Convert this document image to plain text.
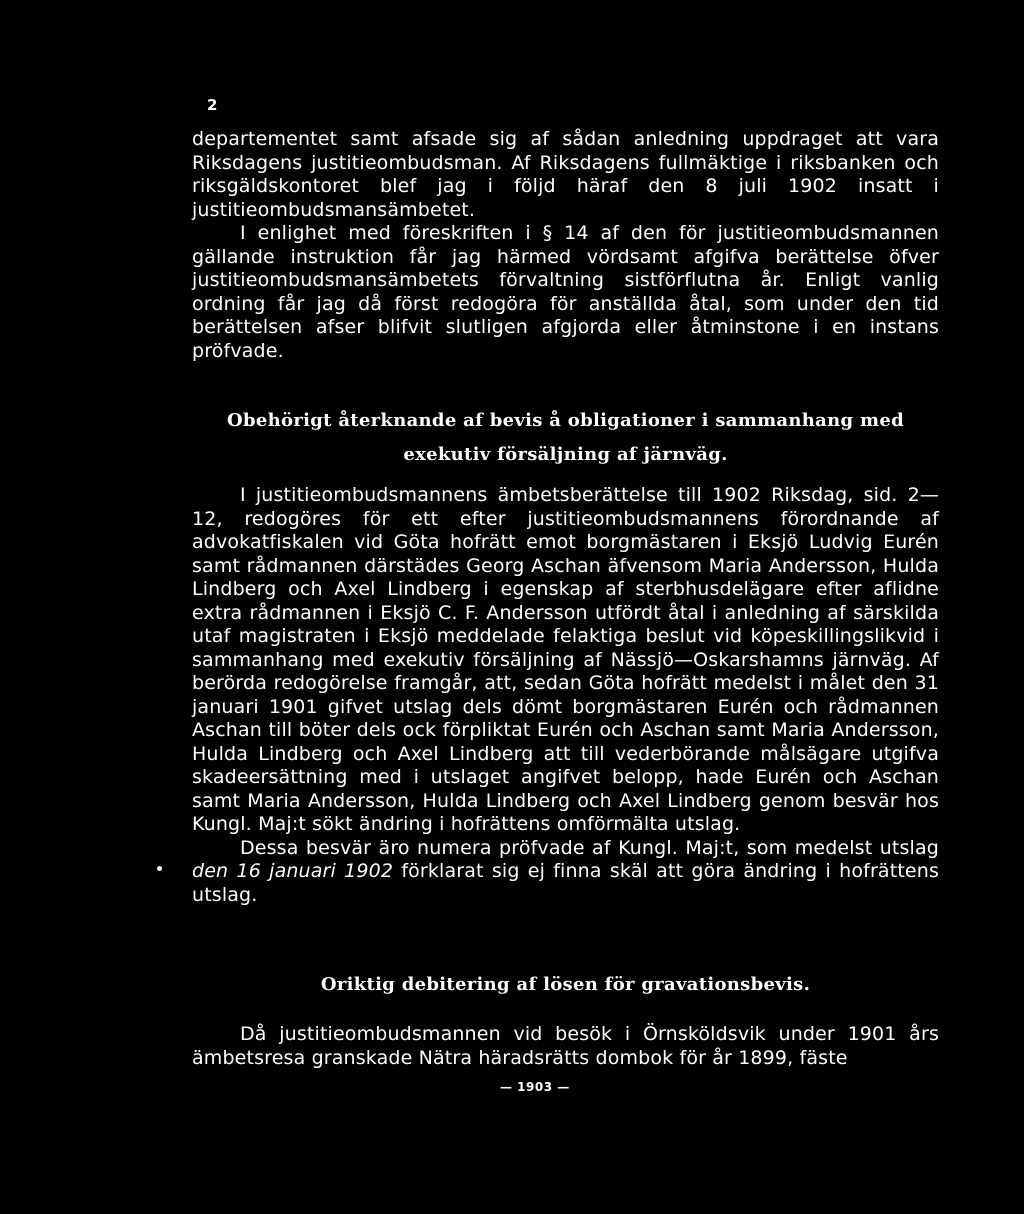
2

departementet samt afsade sig af sådan anledning uppdraget att vara Riksdagens justitieombudsman. Af Riksdagens fullmäktige i riksbanken och riksgäldskontoret blef jag i följd häraf den 8 juli 1902 insatt i justitieombudsmansämbetet.

I enlighet med föreskriften i § 14 af den för justitieombudsmannen gällande instruktion får jag härmed vördsamt afgifva berättelse öfver justitieombudsmansämbetets förvaltning sistförflutna år. Enligt vanlig ordning får jag då först redogöra för anställda åtal, som under den tid berättelsen afser blifvit slutligen afgjorda eller åtminstone i en instans pröfvade.

Obehörigt återknande af bevis å obligationer i sammanhang med

exekutiv försäljning af järnväg.

I justitieombudsmannens ämbetsberättelse till 1902 Riksdag, sid. 2—12, redogöres för ett efter justitieombudsmannens förordnande af advokatfiskalen vid Göta hofrätt emot borgmästaren i Eksjö Ludvig Eurén samt rådmannen därstädes Georg Aschan äfvensom Maria Andersson, Hulda Lindberg och Axel Lindberg i egenskap af sterbhusdelägare efter aflidne extra rådmannen i Eksjö C. F. Andersson utfördt åtal i anledning af särskilda utaf magistraten i Eksjö meddelade felaktiga beslut vid köpeskillingslikvid i sammanhang med exekutiv försäljning af Nässjö—Oskarshamns järnväg. Af berörda redogörelse framgår, att, sedan Göta hofrätt medelst i målet den 31 januari 1901 gifvet utslag dels dömt borgmästaren Eurén och rådmannen Aschan till böter dels ock förpliktat Eurén och Aschan samt Maria Andersson, Hulda Lindberg och Axel Lindberg att till vederbörande målsägare utgifva skadeersättning med i utslaget angifvet belopp, hade Eurén och Aschan samt Maria Andersson, Hulda Lindberg och Axel Lindberg genom besvär hos Kungl. Maj:t sökt ändring i hofrättens omförmälta utslag.

Dessa besvär äro numera pröfvade af Kungl. Maj:t, som medelst utslag den 16 januari 1902 förklarat sig ej finna skäl att göra ändring i hofrättens utslag.

Oriktig debitering af lösen för gravationsbevis.

Då justitieombudsmannen vid besök i Örnsköldsvik under 1901 års ämbetsresa granskade Nätra häradsrätts dombok för år 1899, fäste

— 1903 —
